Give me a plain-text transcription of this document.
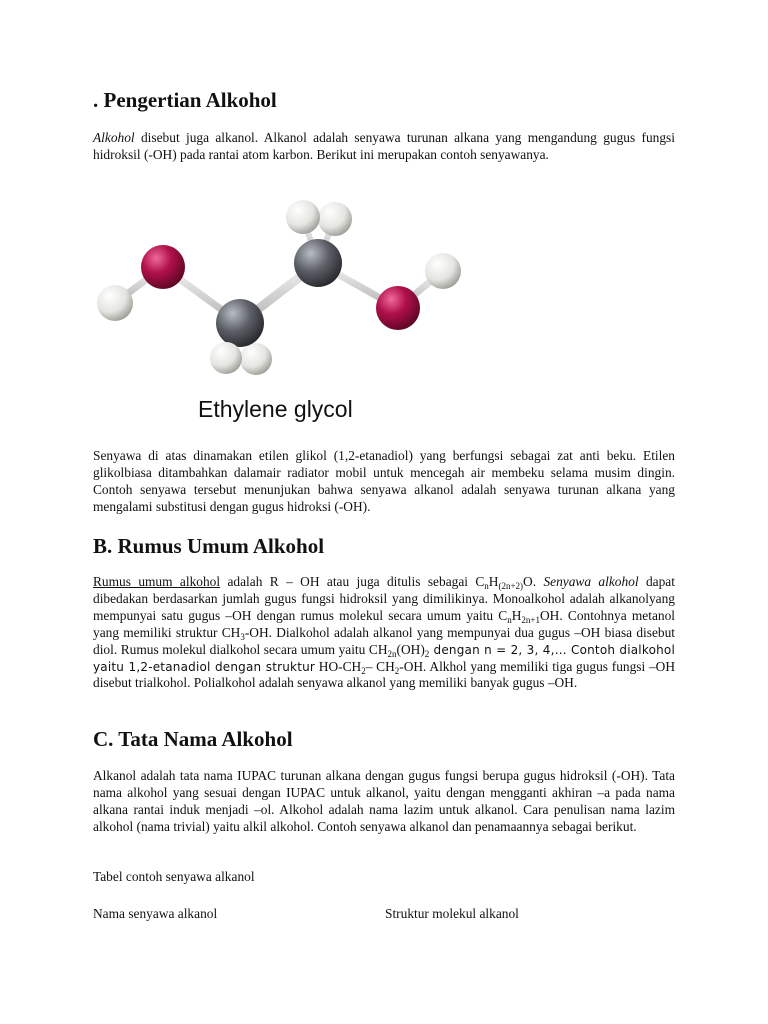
. Pengertian Alkohol

Alkohol disebut juga alkanol. Alkanol adalah senyawa turunan alkana yang mengandung gugus fungsi hidroksil (-OH) pada rantai atom karbon. Berikut ini merupakan contoh senyawanya.

Ethylene glycol

Senyawa di atas dinamakan etilen glikol (1,2-etanadiol) yang berfungsi sebagai zat anti beku. Etilen glikolbiasa ditambahkan dalamair radiator mobil untuk mencegah air membeku selama musim dingin. Contoh senyawa tersebut menunjukan bahwa senyawa alkanol adalah senyawa turunan alkana yang mengalami substitusi dengan gugus hidroksi (-OH).

B. Rumus Umum Alkohol

Rumus umum alkohol adalah R – OH atau juga ditulis sebagai $C_nH_{(2n+2)}O$. Senyawa alkohol dapat dibedakan berdasarkan jumlah gugus fungsi hidroksil yang dimilikinya. Monoalkohol adalah alkanolyang mempunyai satu gugus –OH dengan rumus molekul secara umum yaitu $C_nH_{2n+1}OH$. Contohnya metanol yang memiliki struktur $CH_3-OH$. Dialkohol adalah alkanol yang mempunyai dua gugus –OH biasa disebut diol. Rumus molekul dialkohol secara umum yaitu $CH_{2n}(OH)_2$ dengan n = 2, 3, 4,… Contoh dialkohol yaitu 1,2-etanadiol dengan struktur $HO-CH_2-$ $CH_2-OH$. Alkhol yang memiliki tiga gugus fungsi –OH disebut trialkohol. Polialkohol adalah senyawa alkanol yang memiliki banyak gugus –OH.

C. Tata Nama Alkohol

Alkanol adalah tata nama IUPAC turunan alkana dengan gugus fungsi berupa gugus hidroksil (-OH). Tata nama alkohol yang sesuai dengan IUPAC untuk alkanol, yaitu dengan mengganti akhiran –a pada nama alkana rantai induk menjadi –ol. Alkohol adalah nama lazim untuk alkanol. Cara penulisan nama lazim alkohol (nama trivial) yaitu alkil alkohol. Contoh senyawa alkanol dan penamaannya sebagai berikut.

Tabel contoh senyawa alkanol

Nama senyawa alkanol	Struktur molekul alkanol
